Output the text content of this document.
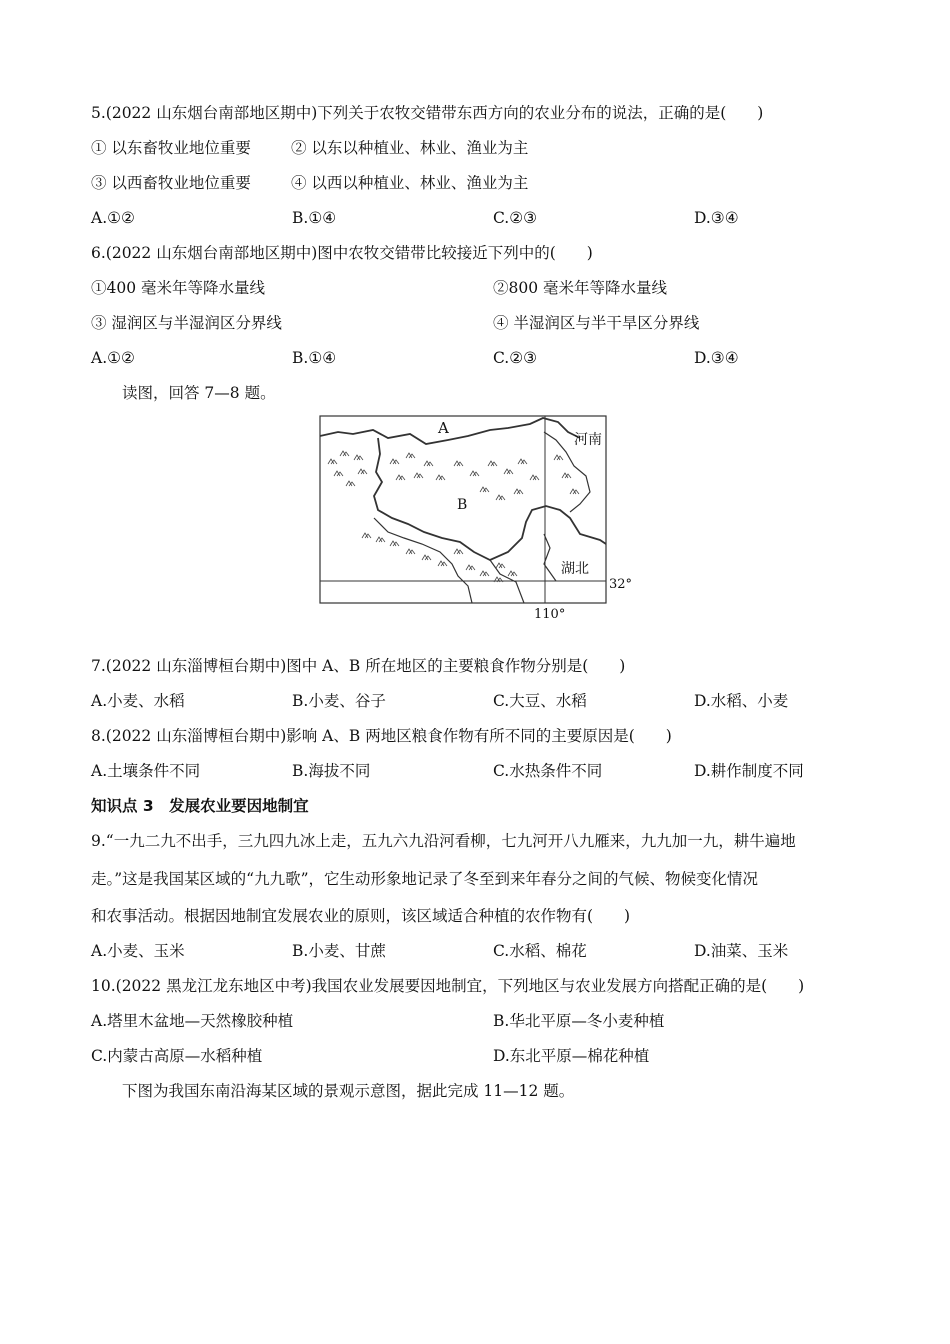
5.(2022 山东烟台南部地区期中)下列关于农牧交错带东西方向的农业分布的说法，正确的是(　　)
① 以东畜牧业地位重要	② 以东以种植业、林业、渔业为主
③ 以西畜牧业地位重要	④ 以西以种植业、林业、渔业为主
A.①②	B.①④	C.②③	D.③④
6.(2022 山东烟台南部地区期中)图中农牧交错带比较接近下列中的(　　)
①400 毫米年等降水量线	②800 毫米年等降水量线
③ 湿润区与半湿润区分界线	④ 半湿润区与半干旱区分界线
A.①②	B.①④	C.②③	D.③④
读图，回答 7—8 题。
A
B
河南
湖北
32°
110°
7.(2022 山东淄博桓台期中)图中 A、B 所在地区的主要粮食作物分别是(　　)
A.小麦、水稻	B.小麦、谷子	C.大豆、水稻	D.水稻、小麦
8.(2022 山东淄博桓台期中)影响 A、B 两地区粮食作物有所不同的主要原因是(　　)
A.土壤条件不同	B.海拔不同	C.水热条件不同	D.耕作制度不同
知识点 3　发展农业要因地制宜
9.“一九二九不出手，三九四九冰上走，五九六九沿河看柳，七九河开八九雁来，九九加一九，耕牛遍地
走。”这是我国某区域的“九九歌”，它生动形象地记录了冬至到来年春分之间的气候、物候变化情况
和农事活动。根据因地制宜发展农业的原则，该区域适合种植的农作物有(　　)
A.小麦、玉米	B.小麦、甘蔗	C.水稻、棉花	D.油菜、玉米
10.(2022 黑龙江龙东地区中考)我国农业发展要因地制宜，下列地区与农业发展方向搭配正确的是(　　)
A.塔里木盆地—天然橡胶种植	B.华北平原—冬小麦种植
C.内蒙古高原—水稻种植	D.东北平原—棉花种植
下图为我国东南沿海某区域的景观示意图，据此完成 11—12 题。
